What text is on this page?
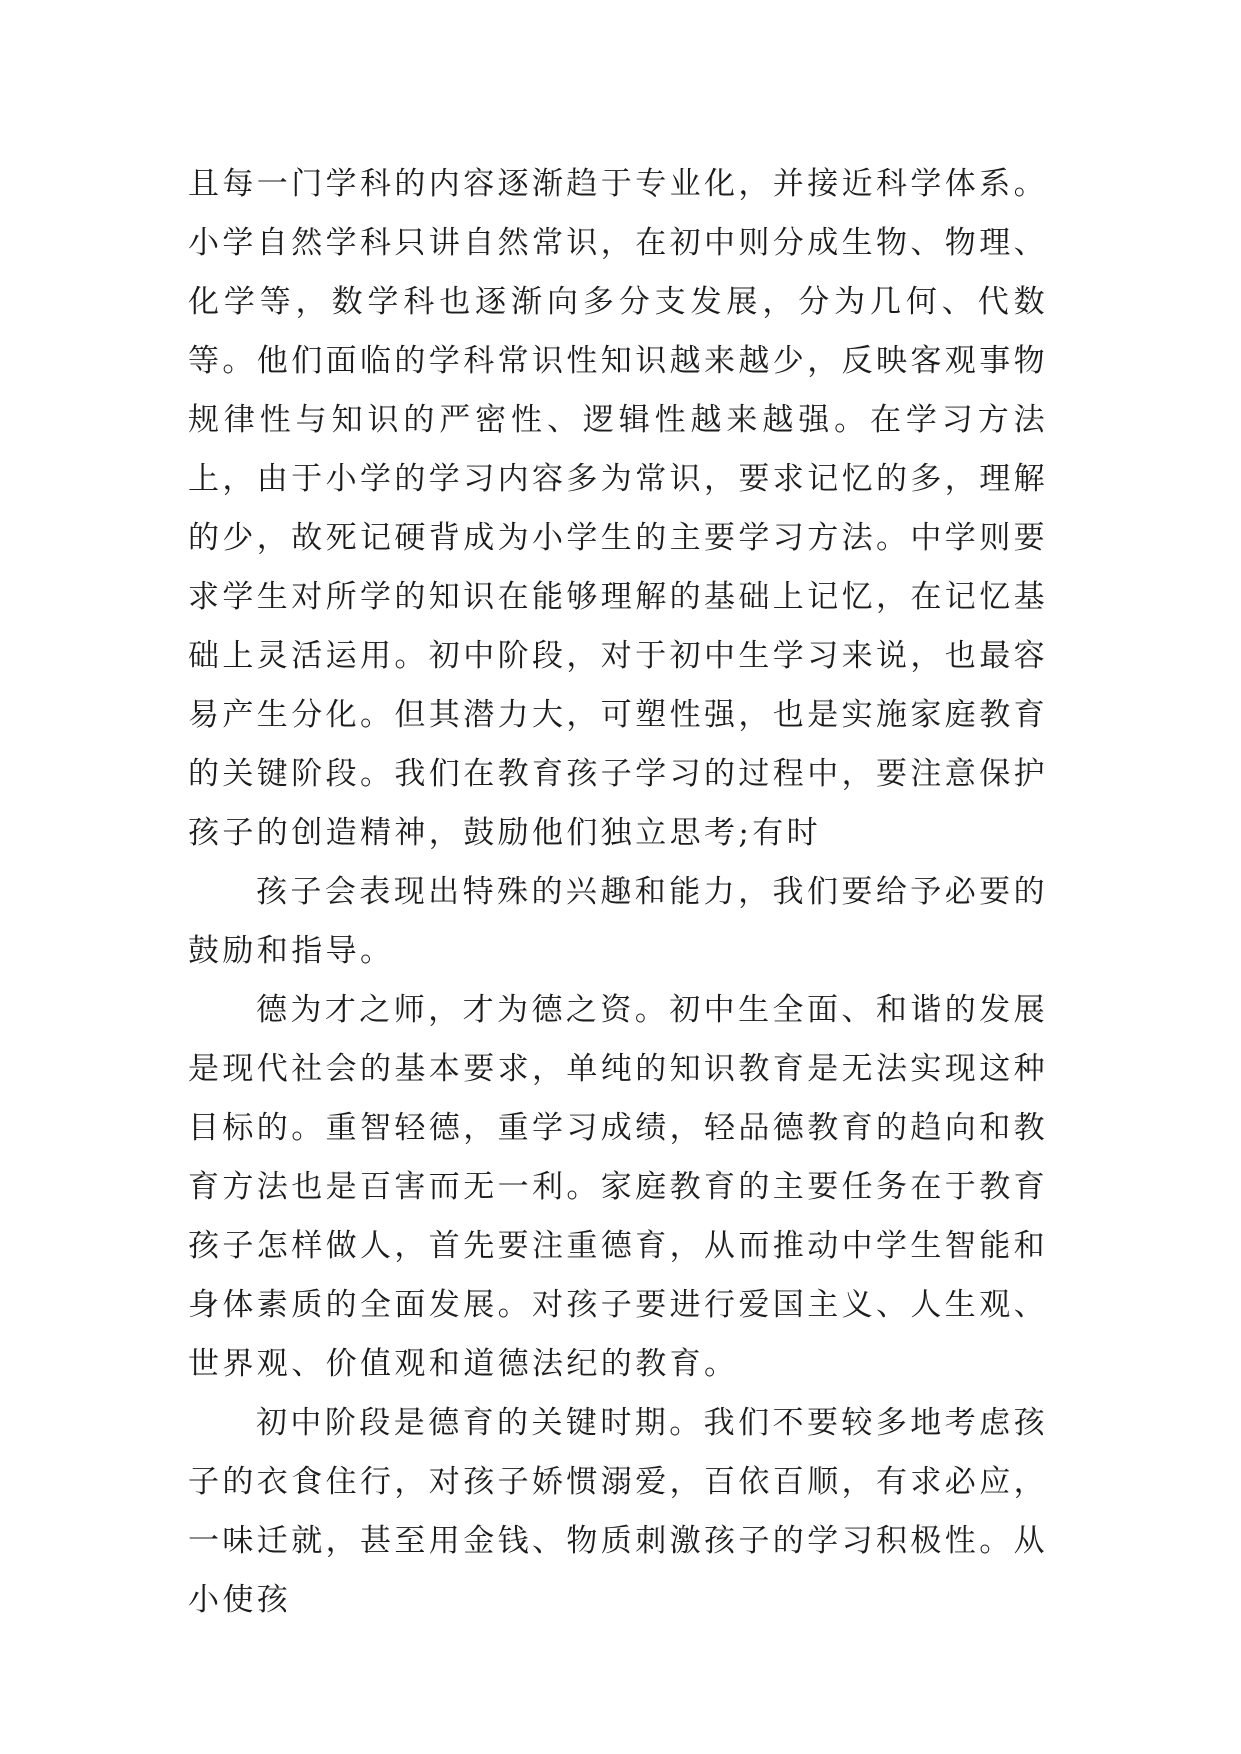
且每一门学科的内容逐渐趋于专业化，并接近科学体系。小学自然学科只讲自然常识，在初中则分成生物、物理、化学等，数学科也逐渐向多分支发展，分为几何、代数等。他们面临的学科常识性知识越来越少，反映客观事物规律性与知识的严密性、逻辑性越来越强。在学习方法上，由于小学的学习内容多为常识，要求记忆的多，理解的少，故死记硬背成为小学生的主要学习方法。中学则要求学生对所学的知识在能够理解的基础上记忆，在记忆基础上灵活运用。初中阶段，对于初中生学习来说，也最容易产生分化。但其潜力大，可塑性强，也是实施家庭教育的关键阶段。我们在教育孩子学习的过程中，要注意保护孩子的创造精神，鼓励他们独立思考;有时

孩子会表现出特殊的兴趣和能力，我们要给予必要的鼓励和指导。

德为才之师，才为德之资。初中生全面、和谐的发展是现代社会的基本要求，单纯的知识教育是无法实现这种目标的。重智轻德，重学习成绩，轻品德教育的趋向和教育方法也是百害而无一利。家庭教育的主要任务在于教育孩子怎样做人，首先要注重德育，从而推动中学生智能和身体素质的全面发展。对孩子要进行爱国主义、人生观、世界观、价值观和道德法纪的教育。

初中阶段是德育的关键时期。我们不要较多地考虑孩子的衣食住行，对孩子娇惯溺爱，百依百顺，有求必应，一味迁就，甚至用金钱、物质刺激孩子的学习积极性。从小使孩
